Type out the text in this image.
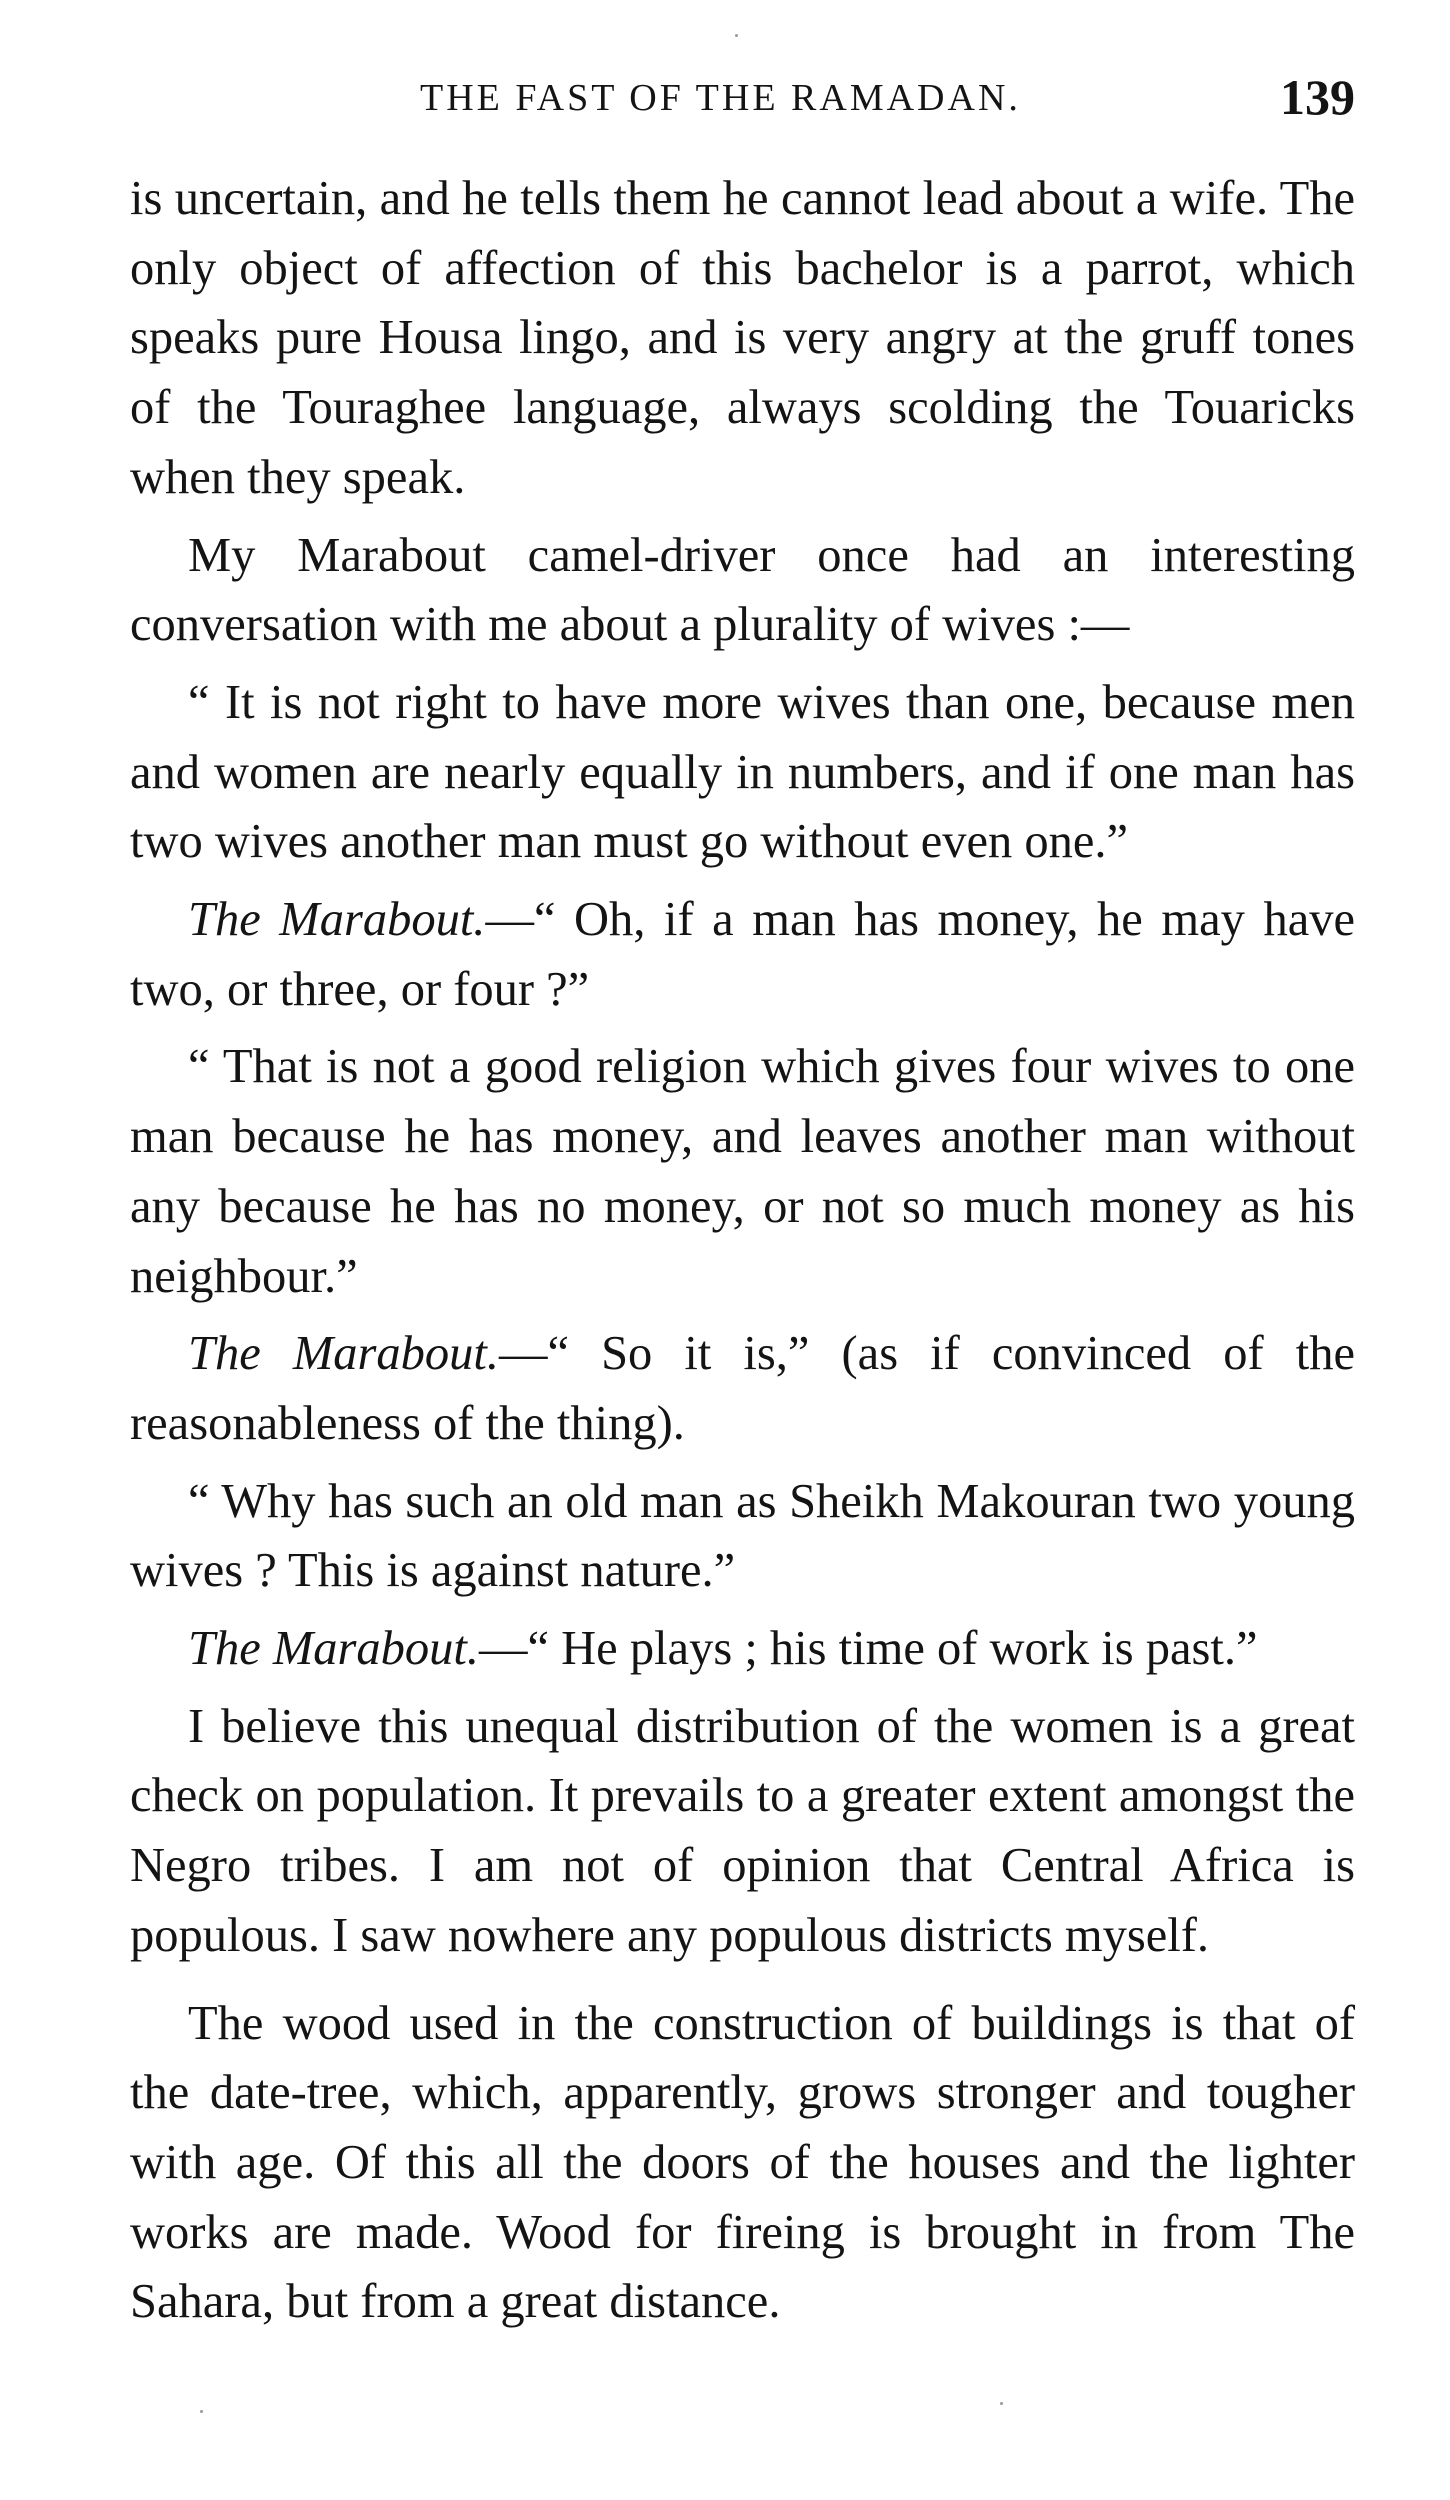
THE FAST OF THE RAMADAN.	139

is uncertain, and he tells them he cannot lead about a wife. The only object of affection of this bachelor is a parrot, which speaks pure Housa lingo, and is very angry at the gruff tones of the Touraghee language, always scolding the Touaricks when they speak.

My Marabout camel-driver once had an interesting conversation with me about a plurality of wives :—

“ It is not right to have more wives than one, because men and women are nearly equally in numbers, and if one man has two wives another man must go without even one.”

The Marabout.—“ Oh, if a man has money, he may have two, or three, or four ?”

“ That is not a good religion which gives four wives to one man because he has money, and leaves another man without any because he has no money, or not so much money as his neighbour.”

The Marabout.—“ So it is,” (as if convinced of the reasonableness of the thing).

“ Why has such an old man as Sheikh Makouran two young wives ? This is against nature.”

The Marabout.—“ He plays ; his time of work is past.”

I believe this unequal distribution of the women is a great check on population. It prevails to a greater extent amongst the Negro tribes. I am not of opinion that Central Africa is populous. I saw nowhere any populous districts myself.

The wood used in the construction of buildings is that of the date-tree, which, apparently, grows stronger and tougher with age. Of this all the doors of the houses and the lighter works are made. Wood for fireing is brought in from The Sahara, but from a great distance.
